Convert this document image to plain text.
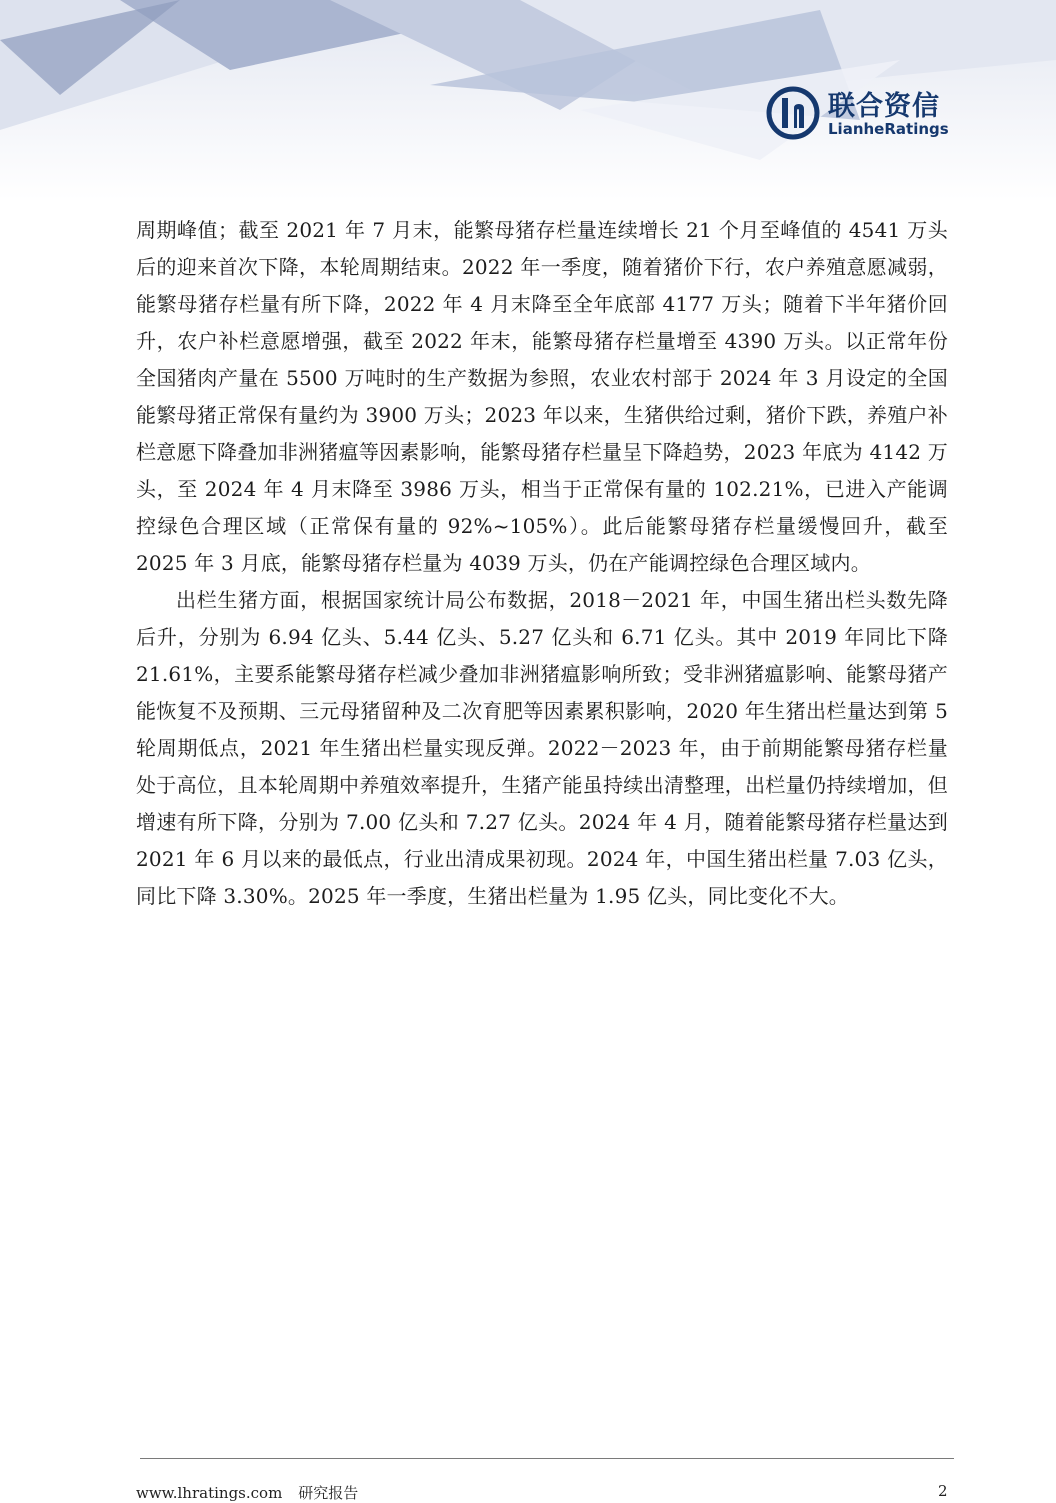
联合资信
LianheRatings

周期峰值；截至 2021 年 7 月末，能繁母猪存栏量连续增长 21 个月至峰值的 4541 万头后的迎来首次下降，本轮周期结束。2022 年一季度，随着猪价下行，农户养殖意愿减弱，能繁母猪存栏量有所下降，2022 年 4 月末降至全年底部 4177 万头；随着下半年猪价回升，农户补栏意愿增强，截至 2022 年末，能繁母猪存栏量增至 4390 万头。以正常年份全国猪肉产量在 5500 万吨时的生产数据为参照，农业农村部于 2024 年 3 月设定的全国能繁母猪正常保有量约为 3900 万头；2023 年以来，生猪供给过剩，猪价下跌，养殖户补栏意愿下降叠加非洲猪瘟等因素影响，能繁母猪存栏量呈下降趋势，2023 年底为 4142 万头，至 2024 年 4 月末降至 3986 万头，相当于正常保有量的 102.21%，已进入产能调控绿色合理区域（正常保有量的 92%~105%）。此后能繁母猪存栏量缓慢回升，截至 2025 年 3 月底，能繁母猪存栏量为 4039 万头，仍在产能调控绿色合理区域内。

出栏生猪方面，根据国家统计局公布数据，2018－2021 年，中国生猪出栏头数先降后升，分别为 6.94 亿头、5.44 亿头、5.27 亿头和 6.71 亿头。其中 2019 年同比下降 21.61%，主要系能繁母猪存栏减少叠加非洲猪瘟影响所致；受非洲猪瘟影响、能繁母猪产能恢复不及预期、三元母猪留种及二次育肥等因素累积影响，2020 年生猪出栏量达到第 5 轮周期低点，2021 年生猪出栏量实现反弹。2022－2023 年，由于前期能繁母猪存栏量处于高位，且本轮周期中养殖效率提升，生猪产能虽持续出清整理，出栏量仍持续增加，但增速有所下降，分别为 7.00 亿头和 7.27 亿头。2024 年 4 月，随着能繁母猪存栏量达到 2021 年 6 月以来的最低点，行业出清成果初现。2024 年，中国生猪出栏量 7.03 亿头，同比下降 3.30%。2025 年一季度，生猪出栏量为 1.95 亿头，同比变化不大。

www.lhratings.com 研究报告	2
